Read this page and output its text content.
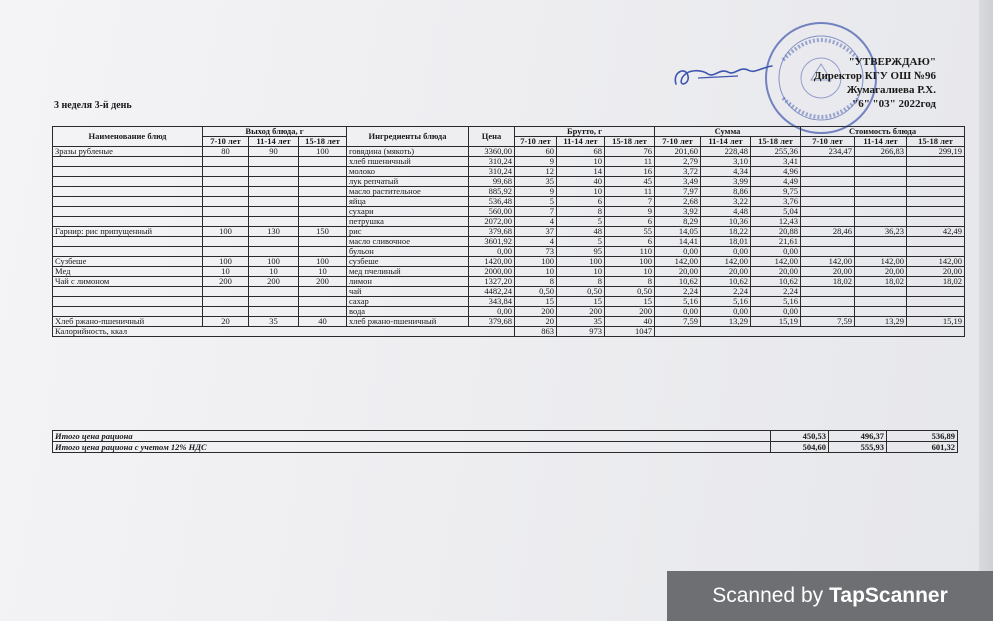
"УТВЕРЖДАЮ"
Директор КГУ ОШ №96
Жумагалиева Р.Х.
"6" "03" 2022год
3 неделя 3-й день
Наименование блюд	Выход блюда, г			Ингредиенты блюда	Цена	Брутто, г			Сумма			Стоимость блюда		
	7-10 лет	11-14 лет	15-18 лет			7-10 лет	11-14 лет	15-18 лет	7-10 лет	11-14 лет	15-18 лет	7-10 лет	11-14 лет	15-18 лет
Зразы рубленые	80	90	100	говядина (мякоть)	3360,00	60	68	76	201,60	228,48	255,36	234,47	266,83	299,19
				хлеб пшеничный	310,24	9	10	11	2,79	3,10	3,41			
				молоко	310,24	12	14	16	3,72	4,34	4,96			
				лук репчатый	99,68	35	40	45	3,49	3,99	4,49			
				масло растительное	885,92	9	10	11	7,97	8,86	9,75			
				яйца	536,48	5	6	7	2,68	3,22	3,76			
				сухари	560,00	7	8	9	3,92	4,48	5,04			
				петрушка	2072,00	4	5	6	8,29	10,36	12,43			
Гарнир: рис припущенный	100	130	150	рис	379,68	37	48	55	14,05	18,22	20,88	28,46	36,23	42,49
				масло сливочное	3601,92	4	5	6	14,41	18,01	21,61			
				бульон	0,00	73	95	110	0,00	0,00	0,00			
Сузбеше	100	100	100	сузбеше	1420,00	100	100	100	142,00	142,00	142,00	142,00	142,00	142,00
Мед	10	10	10	мед пчелиный	2000,00	10	10	10	20,00	20,00	20,00	20,00	20,00	20,00
Чай с лимоном	200	200	200	лимон	1327,20	8	8	8	10,62	10,62	10,62	18,02	18,02	18,02
				чай	4482,24	0,50	0,50	0,50	2,24	2,24	2,24			
				сахар	343,84	15	15	15	5,16	5,16	5,16			
				вода	0,00	200	200	200	0,00	0,00	0,00			
Хлеб ржано-пшеничный	20	35	40	хлеб ржано-пшеничный	379,68	20	35	40	7,59	13,29	15,19	7,59	13,29	15,19
Калорийность, ккал						863	973	1047						
Итого цена рациона	450,53	496,37	536,89
Итого цена рациона с учетом 12% НДС	504,60	555,93	601,32
Scanned by TapScanner
